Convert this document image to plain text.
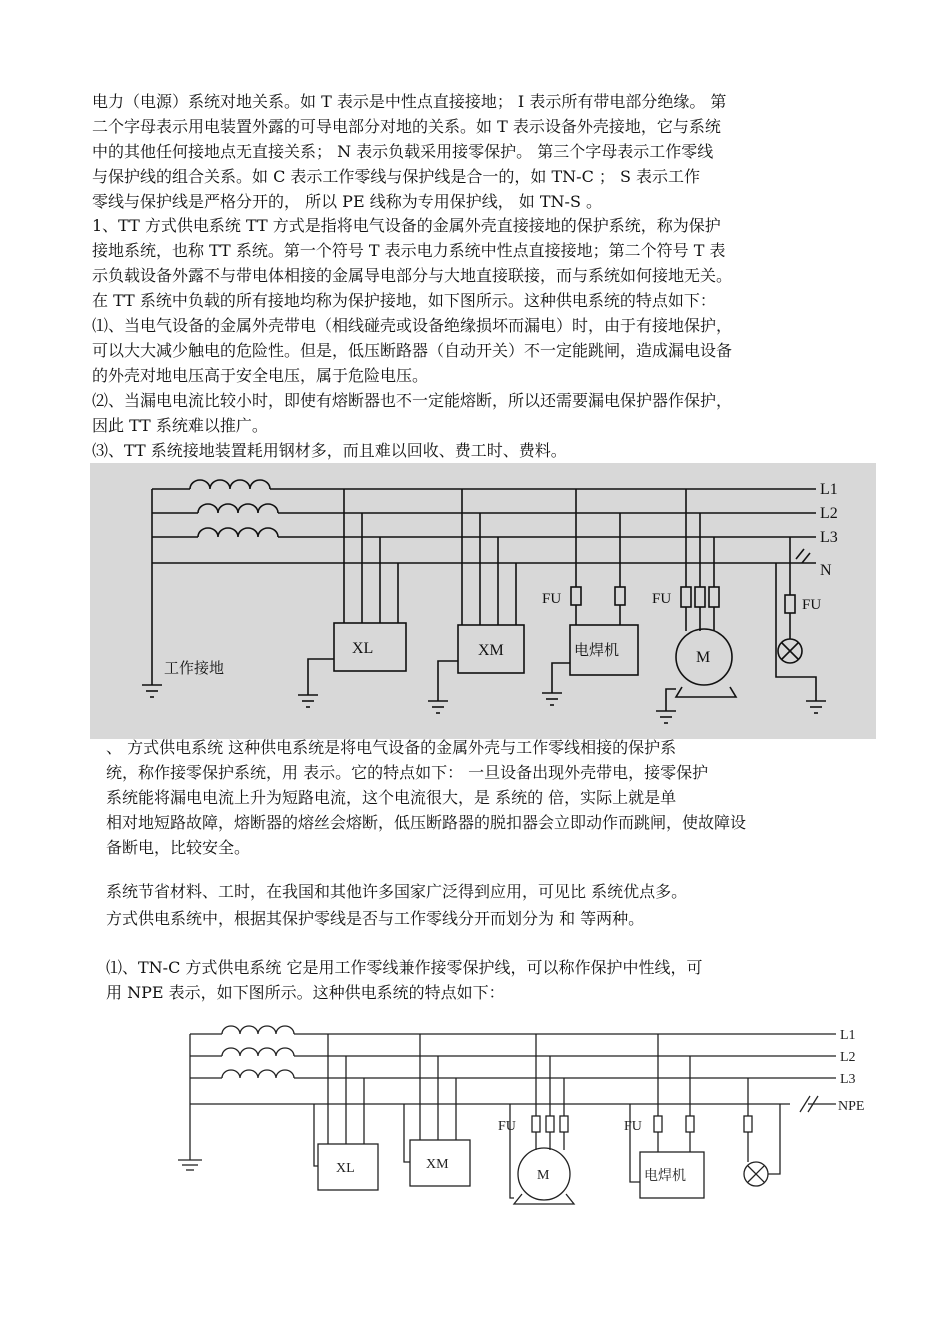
电力（电源）系统对地关系。如 T 表示是中性点直接接地； I 表示所有带电部分绝缘。 第
二个字母表示用电装置外露的可导电部分对地的关系。如 T 表示设备外壳接地，它与系统
中的其他任何接地点无直接关系； N 表示负载采用接零保护。 第三个字母表示工作零线
与保护线的组合关系。如 C 表示工作零线与保护线是合一的，如 TN-C ； S 表示工作
零线与保护线是严格分开的， 所以 PE 线称为专用保护线， 如 TN-S 。
1、TT 方式供电系统 TT 方式是指将电气设备的金属外壳直接接地的保护系统，称为保护
接地系统，也称 TT 系统。第一个符号 T 表示电力系统中性点直接接地；第二个符号 T 表
示负载设备外露不与带电体相接的金属导电部分与大地直接联接，而与系统如何接地无关。
在 TT 系统中负载的所有接地均称为保护接地，如下图所示。这种供电系统的特点如下：
⑴、当电气设备的金属外壳带电（相线碰壳或设备绝缘损坏而漏电）时，由于有接地保护，
可以大大减少触电的危险性。但是，低压断路器（自动开关）不一定能跳闸，造成漏电设备
的外壳对地电压高于安全电压，属于危险电压。
⑵、当漏电电流比较小时，即使有熔断器也不一定能熔断，所以还需要漏电保护器作保护，
因此 TT 系统难以推广。
⑶、TT 系统接地装置耗用钢材多，而且难以回收、费工时、费料。
L1
L2
L3
N
工作接地
XL	XM	电焊机	M
FU	FU	FU
、 方式供电系统 这种供电系统是将电气设备的金属外壳与工作零线相接的保护系
统，称作接零保护系统，用 表示。它的特点如下： 一旦设备出现外壳带电，接零保护
系统能将漏电电流上升为短路电流，这个电流很大，是 系统的 倍，实际上就是单
相对地短路故障，熔断器的熔丝会熔断，低压断路器的脱扣器会立即动作而跳闸，使故障设
备断电，比较安全。
系统节省材料、工时，在我国和其他许多国家广泛得到应用，可见比 系统优点多。
方式供电系统中，根据其保护零线是否与工作零线分开而划分为 和 等两种。
⑴、TN-C 方式供电系统 它是用工作零线兼作接零保护线，可以称作保护中性线，可
用 NPE 表示，如下图所示。这种供电系统的特点如下：
L1
L2
L3
NPE
XL	XM
M	电焊机
FU	FU
